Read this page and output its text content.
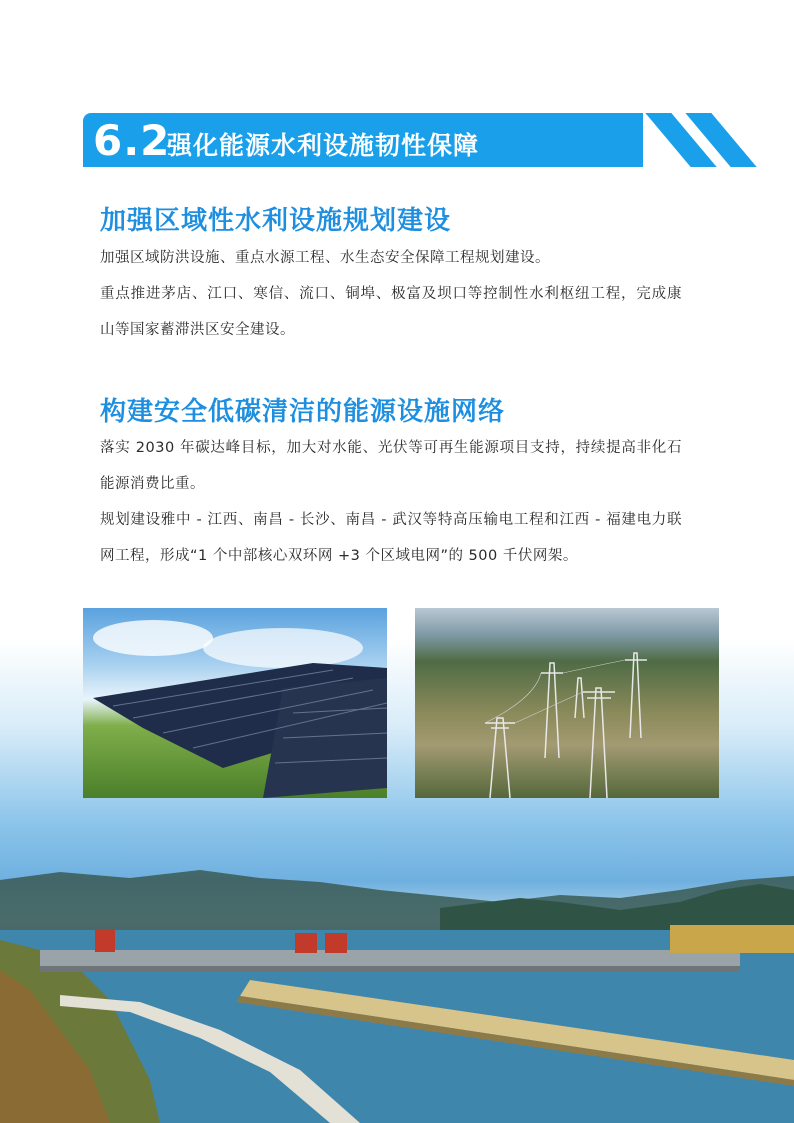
6.2
强化能源水利设施韧性保障
加强区域性水利设施规划建设

加强区域防洪设施、重点水源工程、水生态安全保障工程规划建设。

重点推进茅店、江口、寒信、流口、铜埠、极富及坝口等控制性水利枢纽工程，完成康山等国家蓄滞洪区安全建设。

构建安全低碳清洁的能源设施网络

落实 2030 年碳达峰目标，加大对水能、光伏等可再生能源项目支持，持续提高非化石能源消费比重。

规划建设雅中 - 江西、南昌 - 长沙、南昌 - 武汉等特高压输电工程和江西 - 福建电力联网工程，形成“1 个中部核心双环网 +3 个区域电网”的 500 千伏网架。
